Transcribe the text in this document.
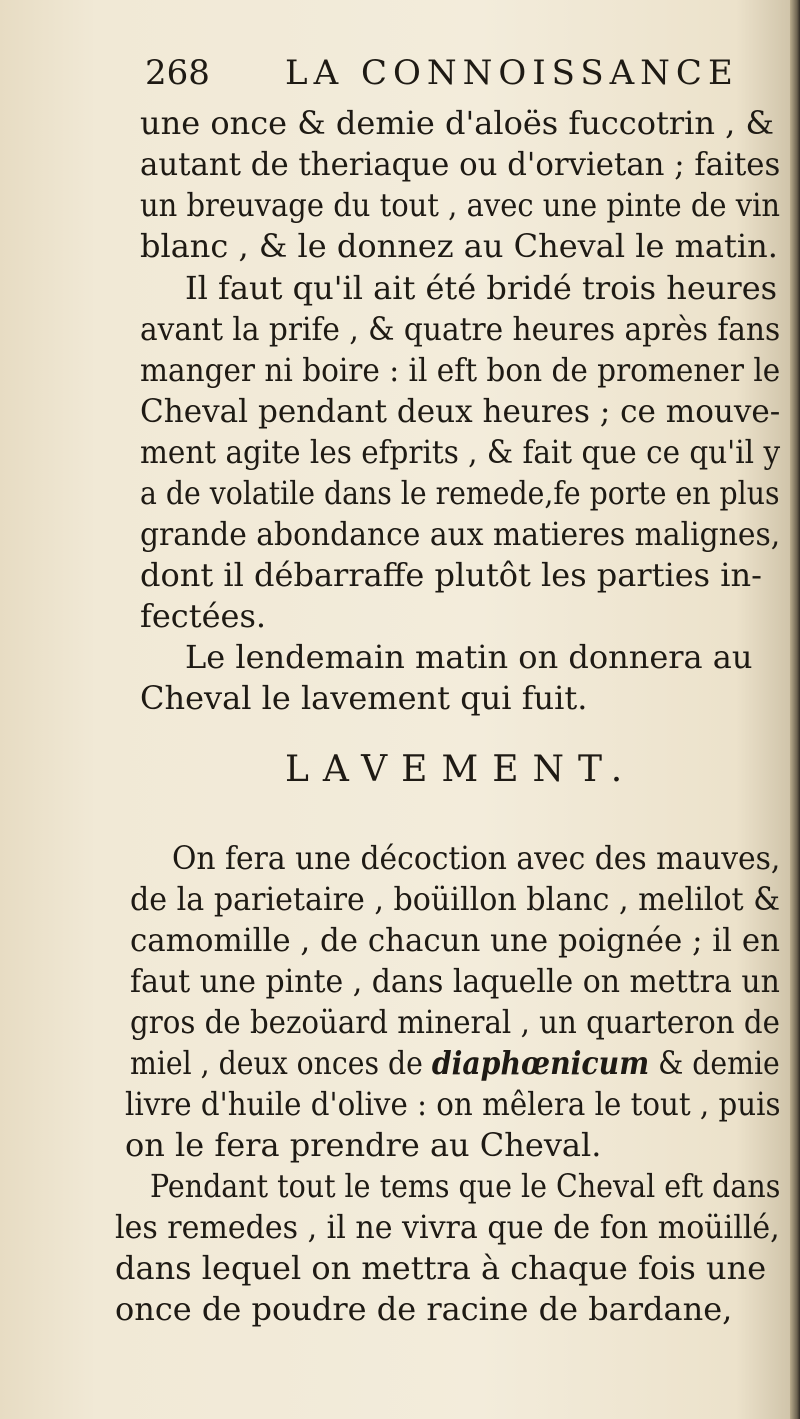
268 LA CONNOISSANCE
une once & demie d'aloës fuccotrin , &
autant de theriaque ou d'orvietan ; faites
un breuvage du tout , avec une pinte de vin
blanc , & le donnez au Cheval le matin.
Il faut qu'il ait été bridé trois heures
avant la prife , & quatre heures après fans
manger ni boire : il eft bon de promener le
Cheval pendant deux heures ; ce mouve-
ment agite les efprits , & fait que ce qu'il y
a de volatile dans le remede,fe porte en plus
grande abondance aux matieres malignes,
dont il débarraffe plutôt les parties in-
fectées.
Le lendemain matin on donnera au
Cheval le lavement qui fuit.
LAVEMENT.
On fera une décoction avec des mauves,
de la parietaire , boüillon blanc , melilot &
camomille , de chacun une poignée ; il en
faut une pinte , dans laquelle on mettra un
gros de bezoüard mineral , un quarteron de
miel , deux onces de diaphœnicum & demie
livre d'huile d'olive : on mêlera le tout , puis
on le fera prendre au Cheval.
Pendant tout le tems que le Cheval eft dans
les remedes , il ne vivra que de fon moüillé,
dans lequel on mettra à chaque fois une
once de poudre de racine de bardane,
